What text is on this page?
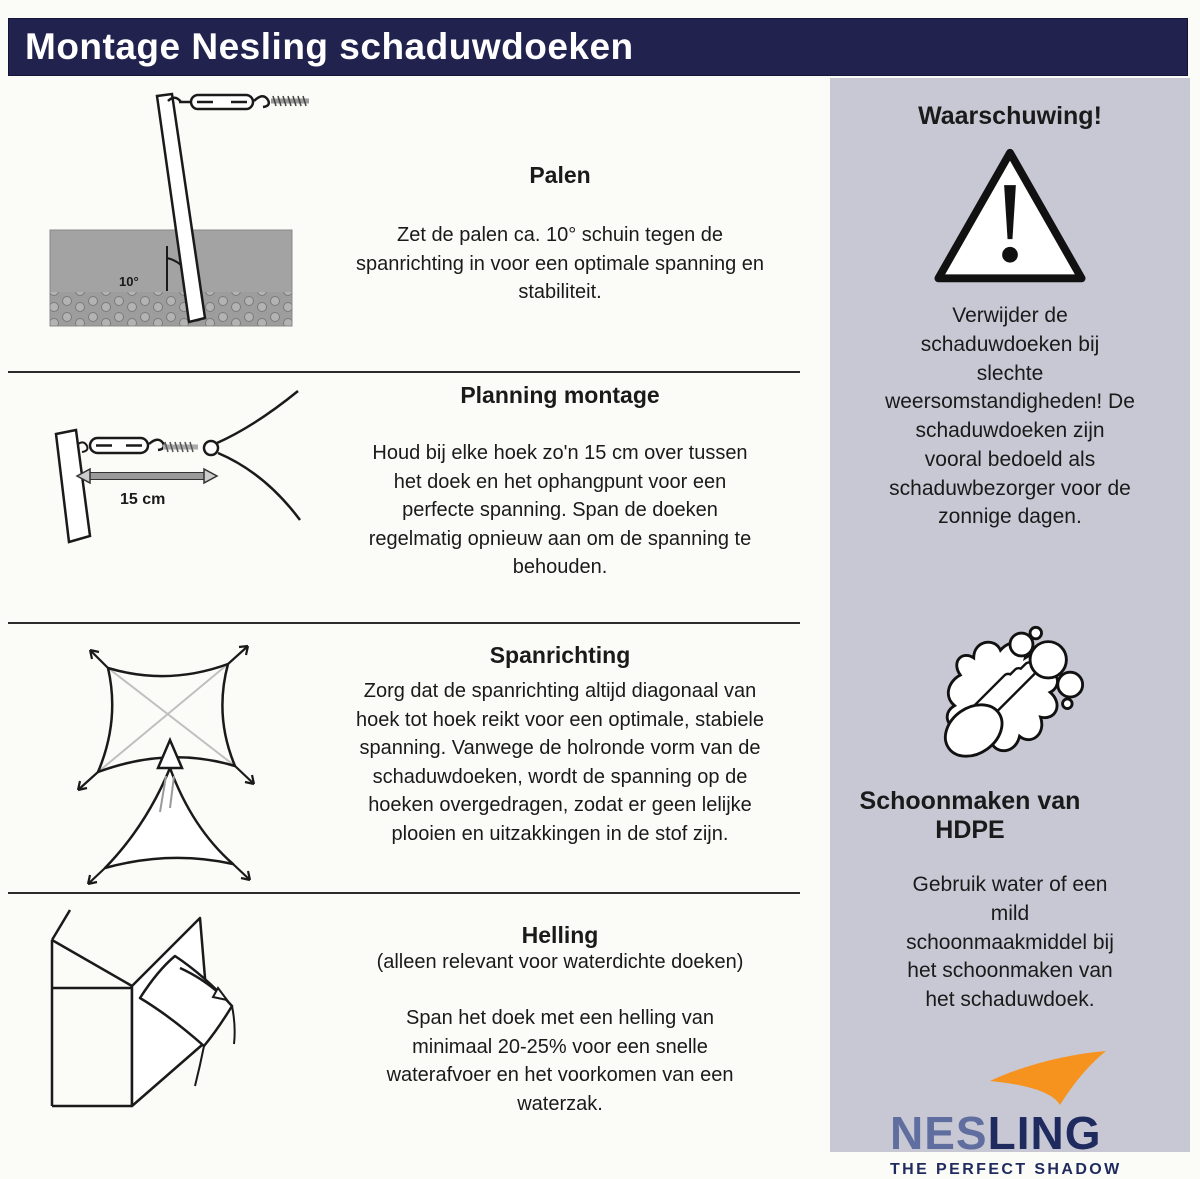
Montage Nesling schaduwdoeken
10°
Palen
Zet de palen ca. 10° schuin tegen de spanrichting in voor een optimale spanning en stabiliteit.
15 cm
Planning montage
Houd bij elke hoek zo'n 15 cm over tussen het doek en het ophangpunt voor een perfecte spanning. Span de doeken regelmatig opnieuw aan om de spanning te behouden.
Spanrichting
Zorg dat de spanrichting altijd diagonaal van hoek tot hoek reikt voor een optimale, stabiele spanning. Vanwege de holronde vorm van de schaduwdoeken, wordt de spanning op de hoeken overgedragen, zodat er geen lelijke plooien en uitzakkingen in de stof zijn.
Helling
(alleen relevant voor waterdichte doeken)
Span het doek met een helling van minimaal 20-25% voor een snelle waterafvoer en het voorkomen van een waterzak.
Waarschuwing!
Verwijder de schaduwdoeken bij slechte weersomstandigheden! De schaduwdoeken zijn vooral bedoeld als schaduwbezorger voor de zonnige dagen.
Schoonmaken van HDPE
Gebruik water of een mild schoonmaakmiddel bij het schoonmaken van het schaduwdoek.
NESLING
THE PERFECT SHADOW
